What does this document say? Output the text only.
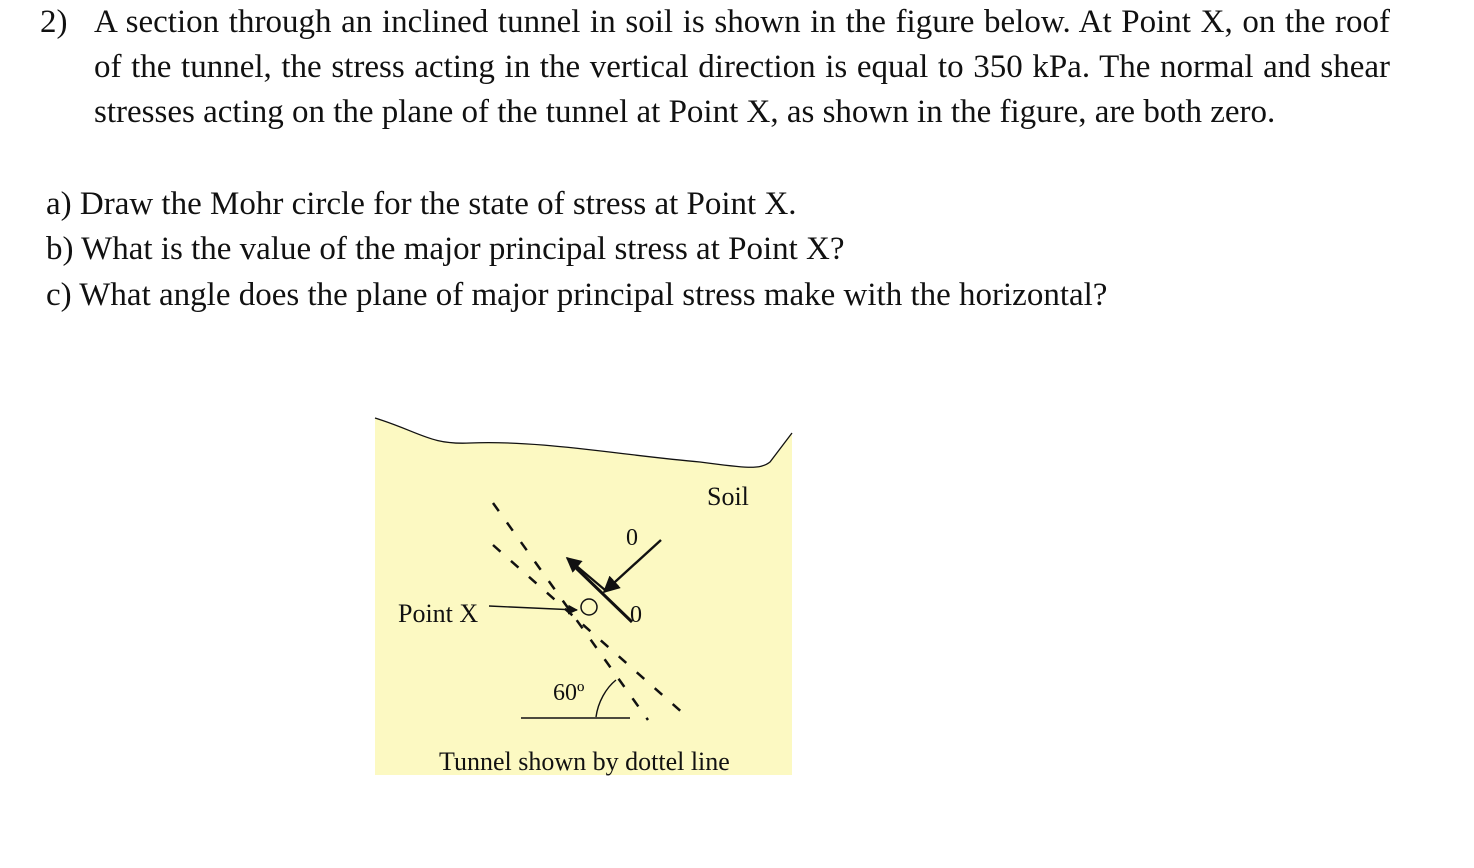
2) A section through an inclined tunnel in soil is shown in the figure below. At Point X, on the roof of the tunnel, the stress acting in the vertical direction is equal to 350 kPa. The normal and shear stresses acting on the plane of the tunnel at Point X, as shown in the figure, are both zero.
a) Draw the Mohr circle for the state of stress at Point X.
b) What is the value of the major principal stress at Point X?
c) What angle does the plane of major principal stress make with the horizontal?
Soil
Point X
0
0
60º
Tunnel shown by dottel line
